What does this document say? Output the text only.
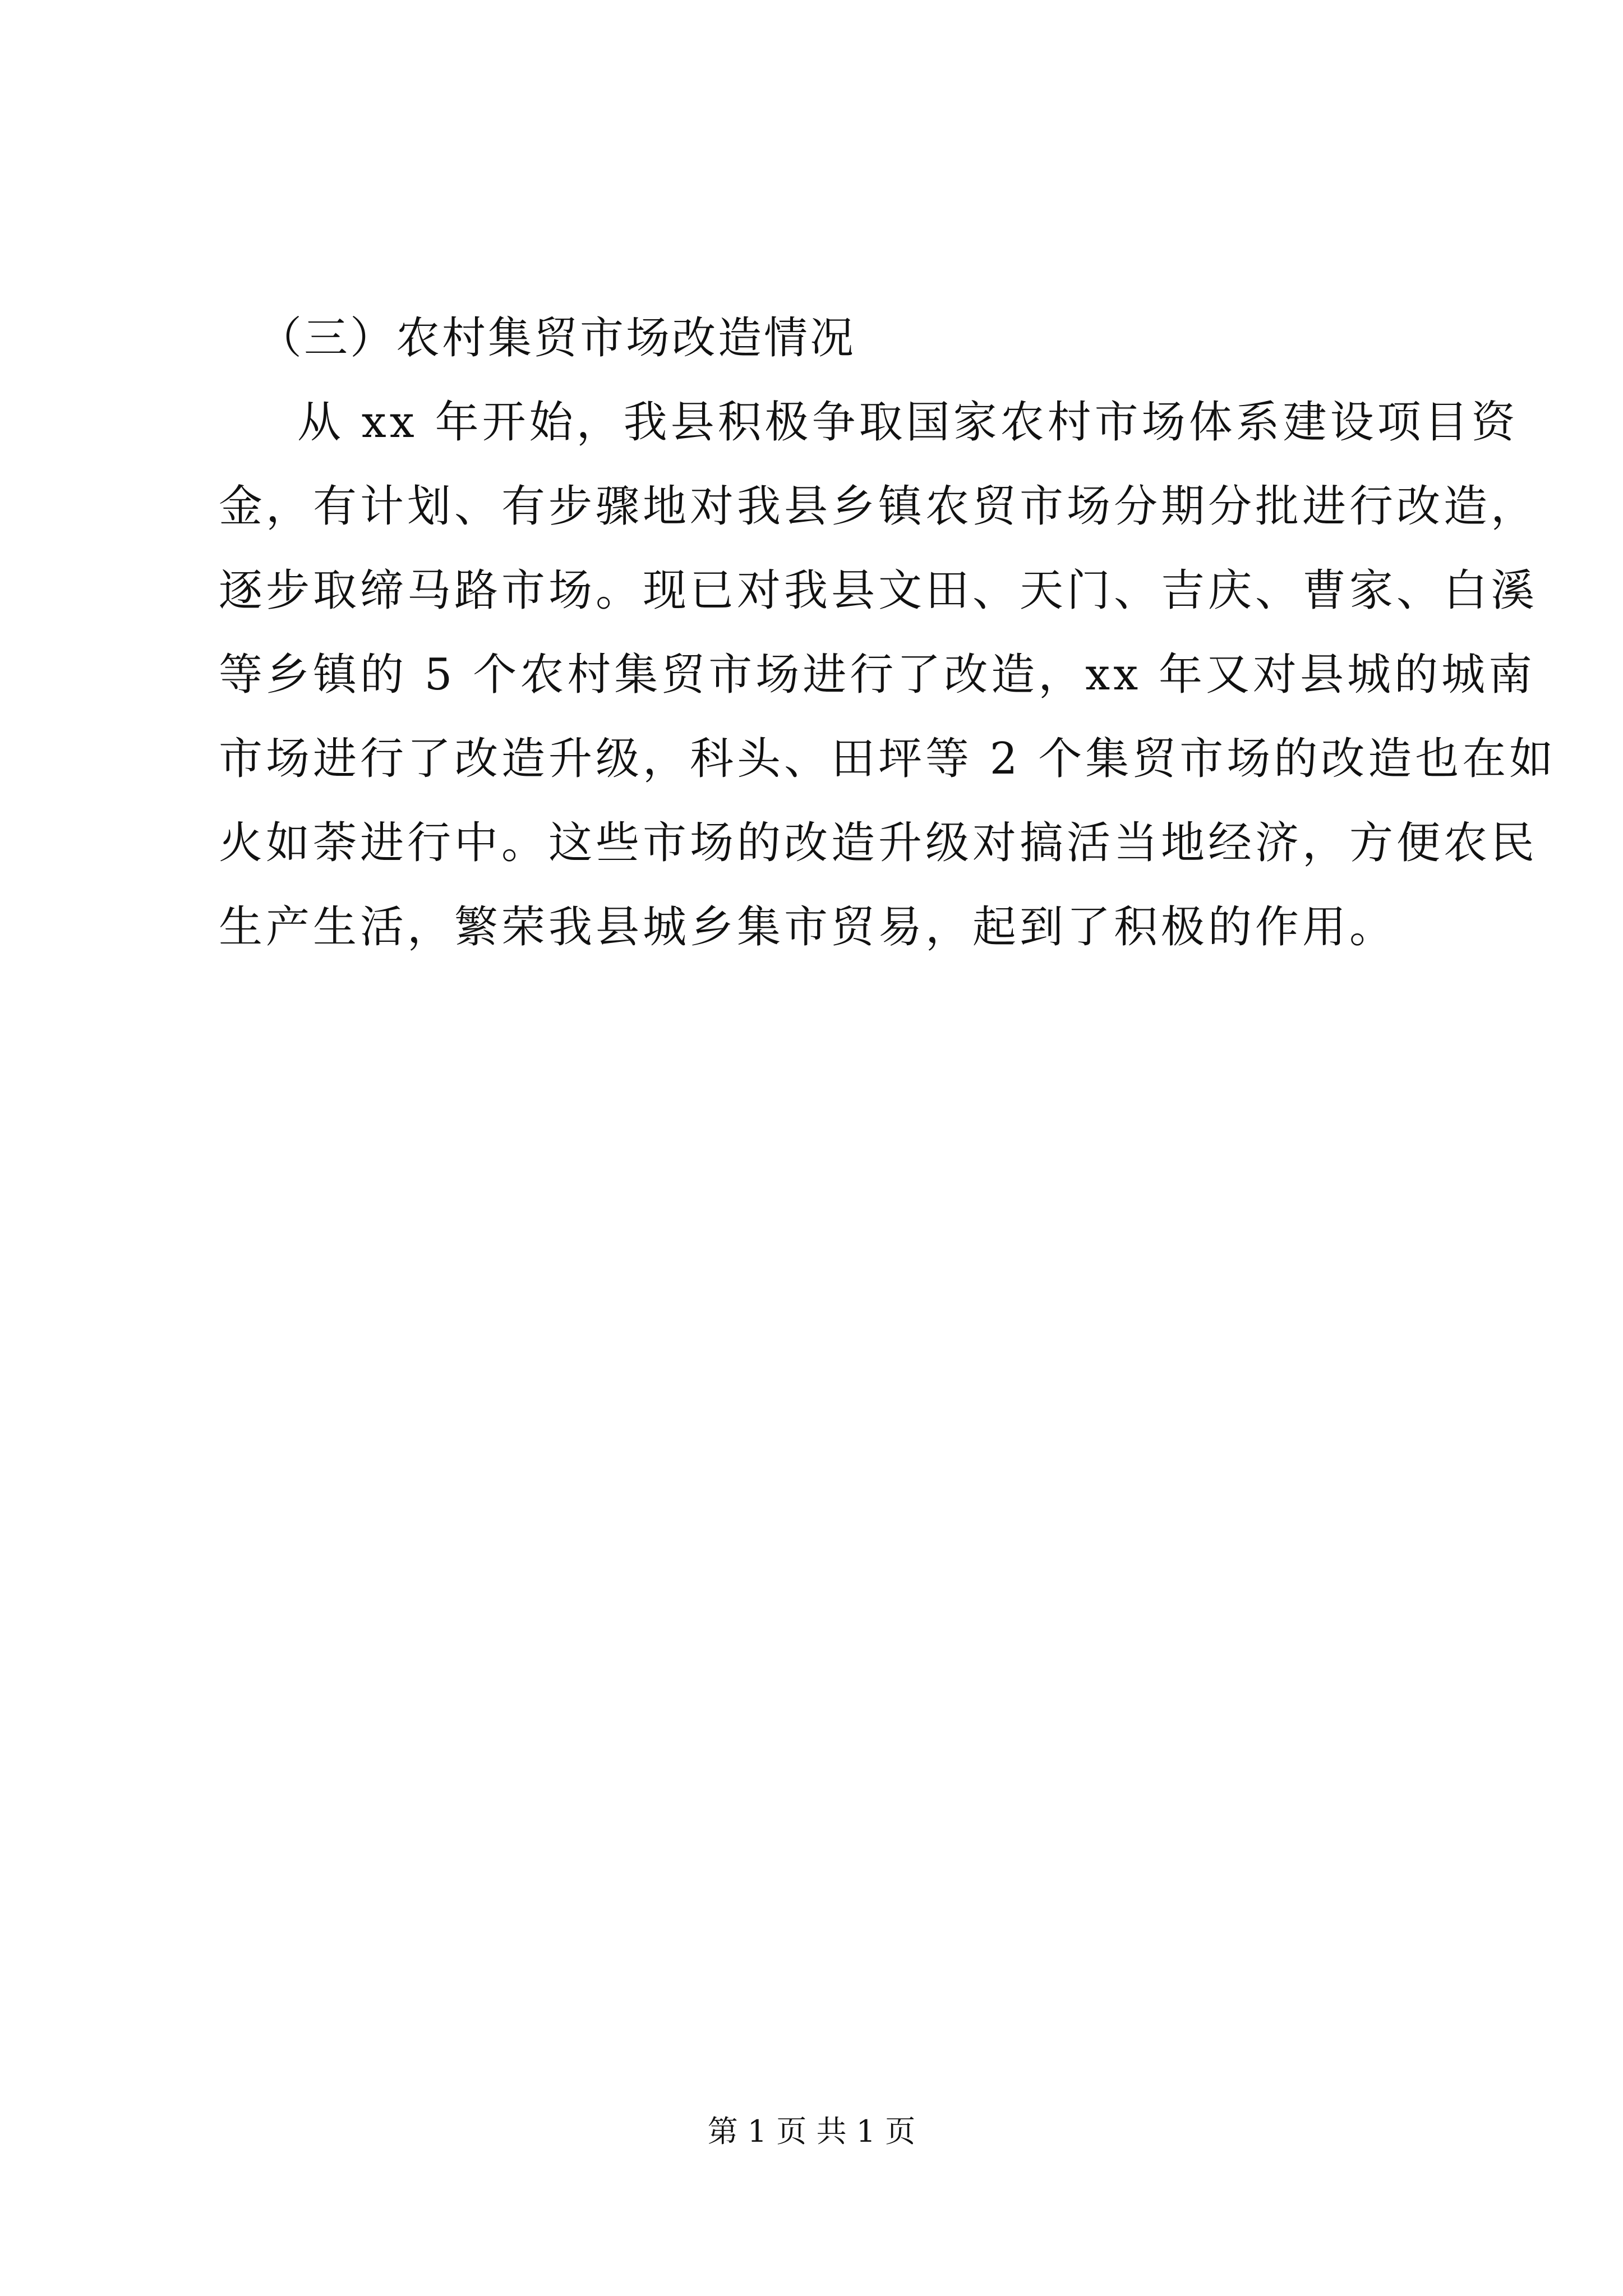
（三）农村集贸市场改造情况
从 xx 年开始，我县积极争取国家农村市场体系建设项目资
金，有计划、有步骤地对我县乡镇农贸市场分期分批进行改造，
逐步取缔马路市场。现已对我县文田、天门、吉庆、曹家、白溪
等乡镇的 5 个农村集贸市场进行了改造，xx 年又对县城的城南
市场进行了改造升级，科头、田坪等 2 个集贸市场的改造也在如
火如荼进行中。这些市场的改造升级对搞活当地经济，方便农民
生产生活，繁荣我县城乡集市贸易，起到了积极的作用。
第 1 页 共 1 页
